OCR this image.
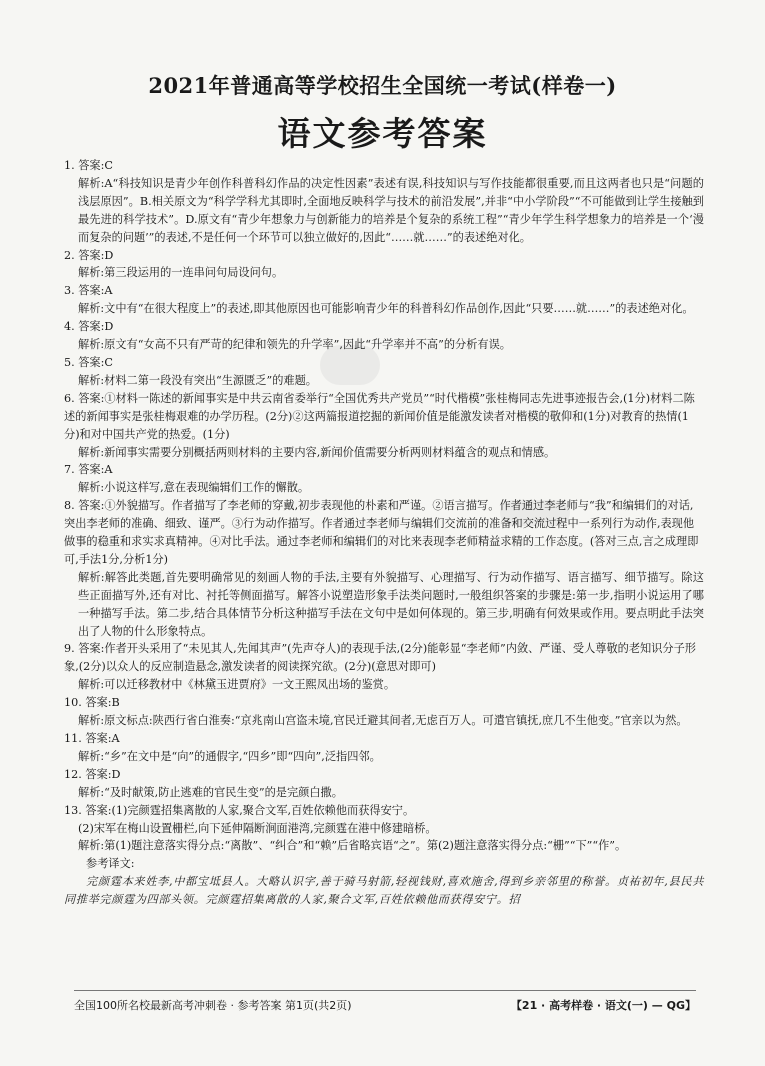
2021年普通高等学校招生全国统一考试(样卷一)
语文参考答案
1. 答案:C
解析:A“科技知识是青少年创作科普科幻作品的决定性因素”表述有误,科技知识与写作技能都很重要,而且这两者也只是“问题的浅层原因”。B.相关原文为“科学学科尤其即时,全面地反映科学与技术的前沿发展”,并非“中小学阶段”“不可能做到让学生接触到最先进的科学技术”。D.原文有“青少年想象力与创新能力的培养是个复杂的系统工程”“青少年学生科学想象力的培养是一个‘漫而复杂的问题’”的表述,不是任何一个环节可以独立做好的,因此“……就……”的表述绝对化。
2. 答案:D
解析:第三段运用的一连串问句局设问句。
3. 答案:A
解析:文中有“在很大程度上”的表述,即其他原因也可能影响青少年的科普科幻作品创作,因此“只要……就……”的表述绝对化。
4. 答案:D
解析:原文有“女高不只有严苛的纪律和领先的升学率”,因此“升学率并不高”的分析有误。
5. 答案:C
解析:材料二第一段没有突出“生源匮乏”的难题。
6. 答案:①材料一陈述的新闻事实是中共云南省委举行“全国优秀共产党员”“时代楷模”张桂梅同志先进事迹报告会,(1分)材料二陈述的新闻事实是张桂梅艰难的办学历程。(2分)②这两篇报道挖掘的新闻价值是能激发读者对楷模的敬仰和(1分)对教育的热情(1分)和对中国共产党的热爱。(1分)
解析:新闻事实需要分别概括两则材料的主要内容,新闻价值需要分析两则材料蕴含的观点和情感。
7. 答案:A
解析:小说这样写,意在表现编辑们工作的懈散。
8. 答案:①外貌描写。作者描写了李老师的穿戴,初步表现他的朴素和严谨。②语言描写。作者通过李老师与“我”和编辑们的对话,突出李老师的准确、细致、谨严。③行为动作描写。作者通过李老师与编辑们交流前的准备和交流过程中一系列行为动作,表现他做事的稳重和求实求真精神。④对比手法。通过李老师和编辑们的对比来表现李老师精益求精的工作态度。(答对三点,言之成理即可,手法1分,分析1分)
解析:解答此类题,首先要明确常见的刻画人物的手法,主要有外貌描写、心理描写、行为动作描写、语言描写、细节描写。除这些正面描写外,还有对比、衬托等侧面描写。解答小说塑造形象手法类问题时,一般组织答案的步骤是:第一步,指明小说运用了哪一种描写手法。第二步,结合具体情节分析这种描写手法在文句中是如何体现的。第三步,明确有何效果或作用。要点明此手法突出了人物的什么形象特点。
9. 答案:作者开头采用了“未见其人,先闻其声”(先声夺人)的表现手法,(2分)能彰显“李老师”内敛、严谨、受人尊敬的老知识分子形象,(2分)以众人的反应制造悬念,激发读者的阅读探究欲。(2分)(意思对即可)
解析:可以迁移教材中《林黛玉进贾府》一文王熙凤出场的鉴赏。
10. 答案:B
解析:原文标点:陕西行省白淮奏:“京兆南山宫盗未境,官民迁避其间者,无虑百万人。可遣官镇抚,庶几不生他变。”官亲以为然。
11. 答案:A
解析:“乡”在文中是“向”的通假字,“四乡”即“四向”,泛指四邻。
12. 答案:D
解析:“及时献策,防止逃难的官民生变”的是完颜白撒。
13. 答案:(1)完颜霆招集离散的人家,聚合文军,百姓依赖他而获得安宁。
(2)宋军在梅山设置栅栏,向下延伸隔断涧面港湾,完颜霆在港中修建暗桥。
解析:第(1)题注意落实得分点:“离散”、“纠合”和“赖”后省略宾语“之”。第(2)题注意落实得分点:“栅”“下”“作”。
参考译文:
完颜霆本来姓李,中都宝坻县人。大略认识字,善于骑马射箭,轻视钱财,喜欢施舍,得到乡亲邻里的称誉。贞祐初年,县民共同推举完颜霆为四部头领。完颜霆招集离散的人家,聚合文军,百姓依赖他而获得安宁。招
全国100所名校最新高考冲刺卷 · 参考答案 第1页(共2页)	【21 · 高考样卷 · 语文(一) — QG】
